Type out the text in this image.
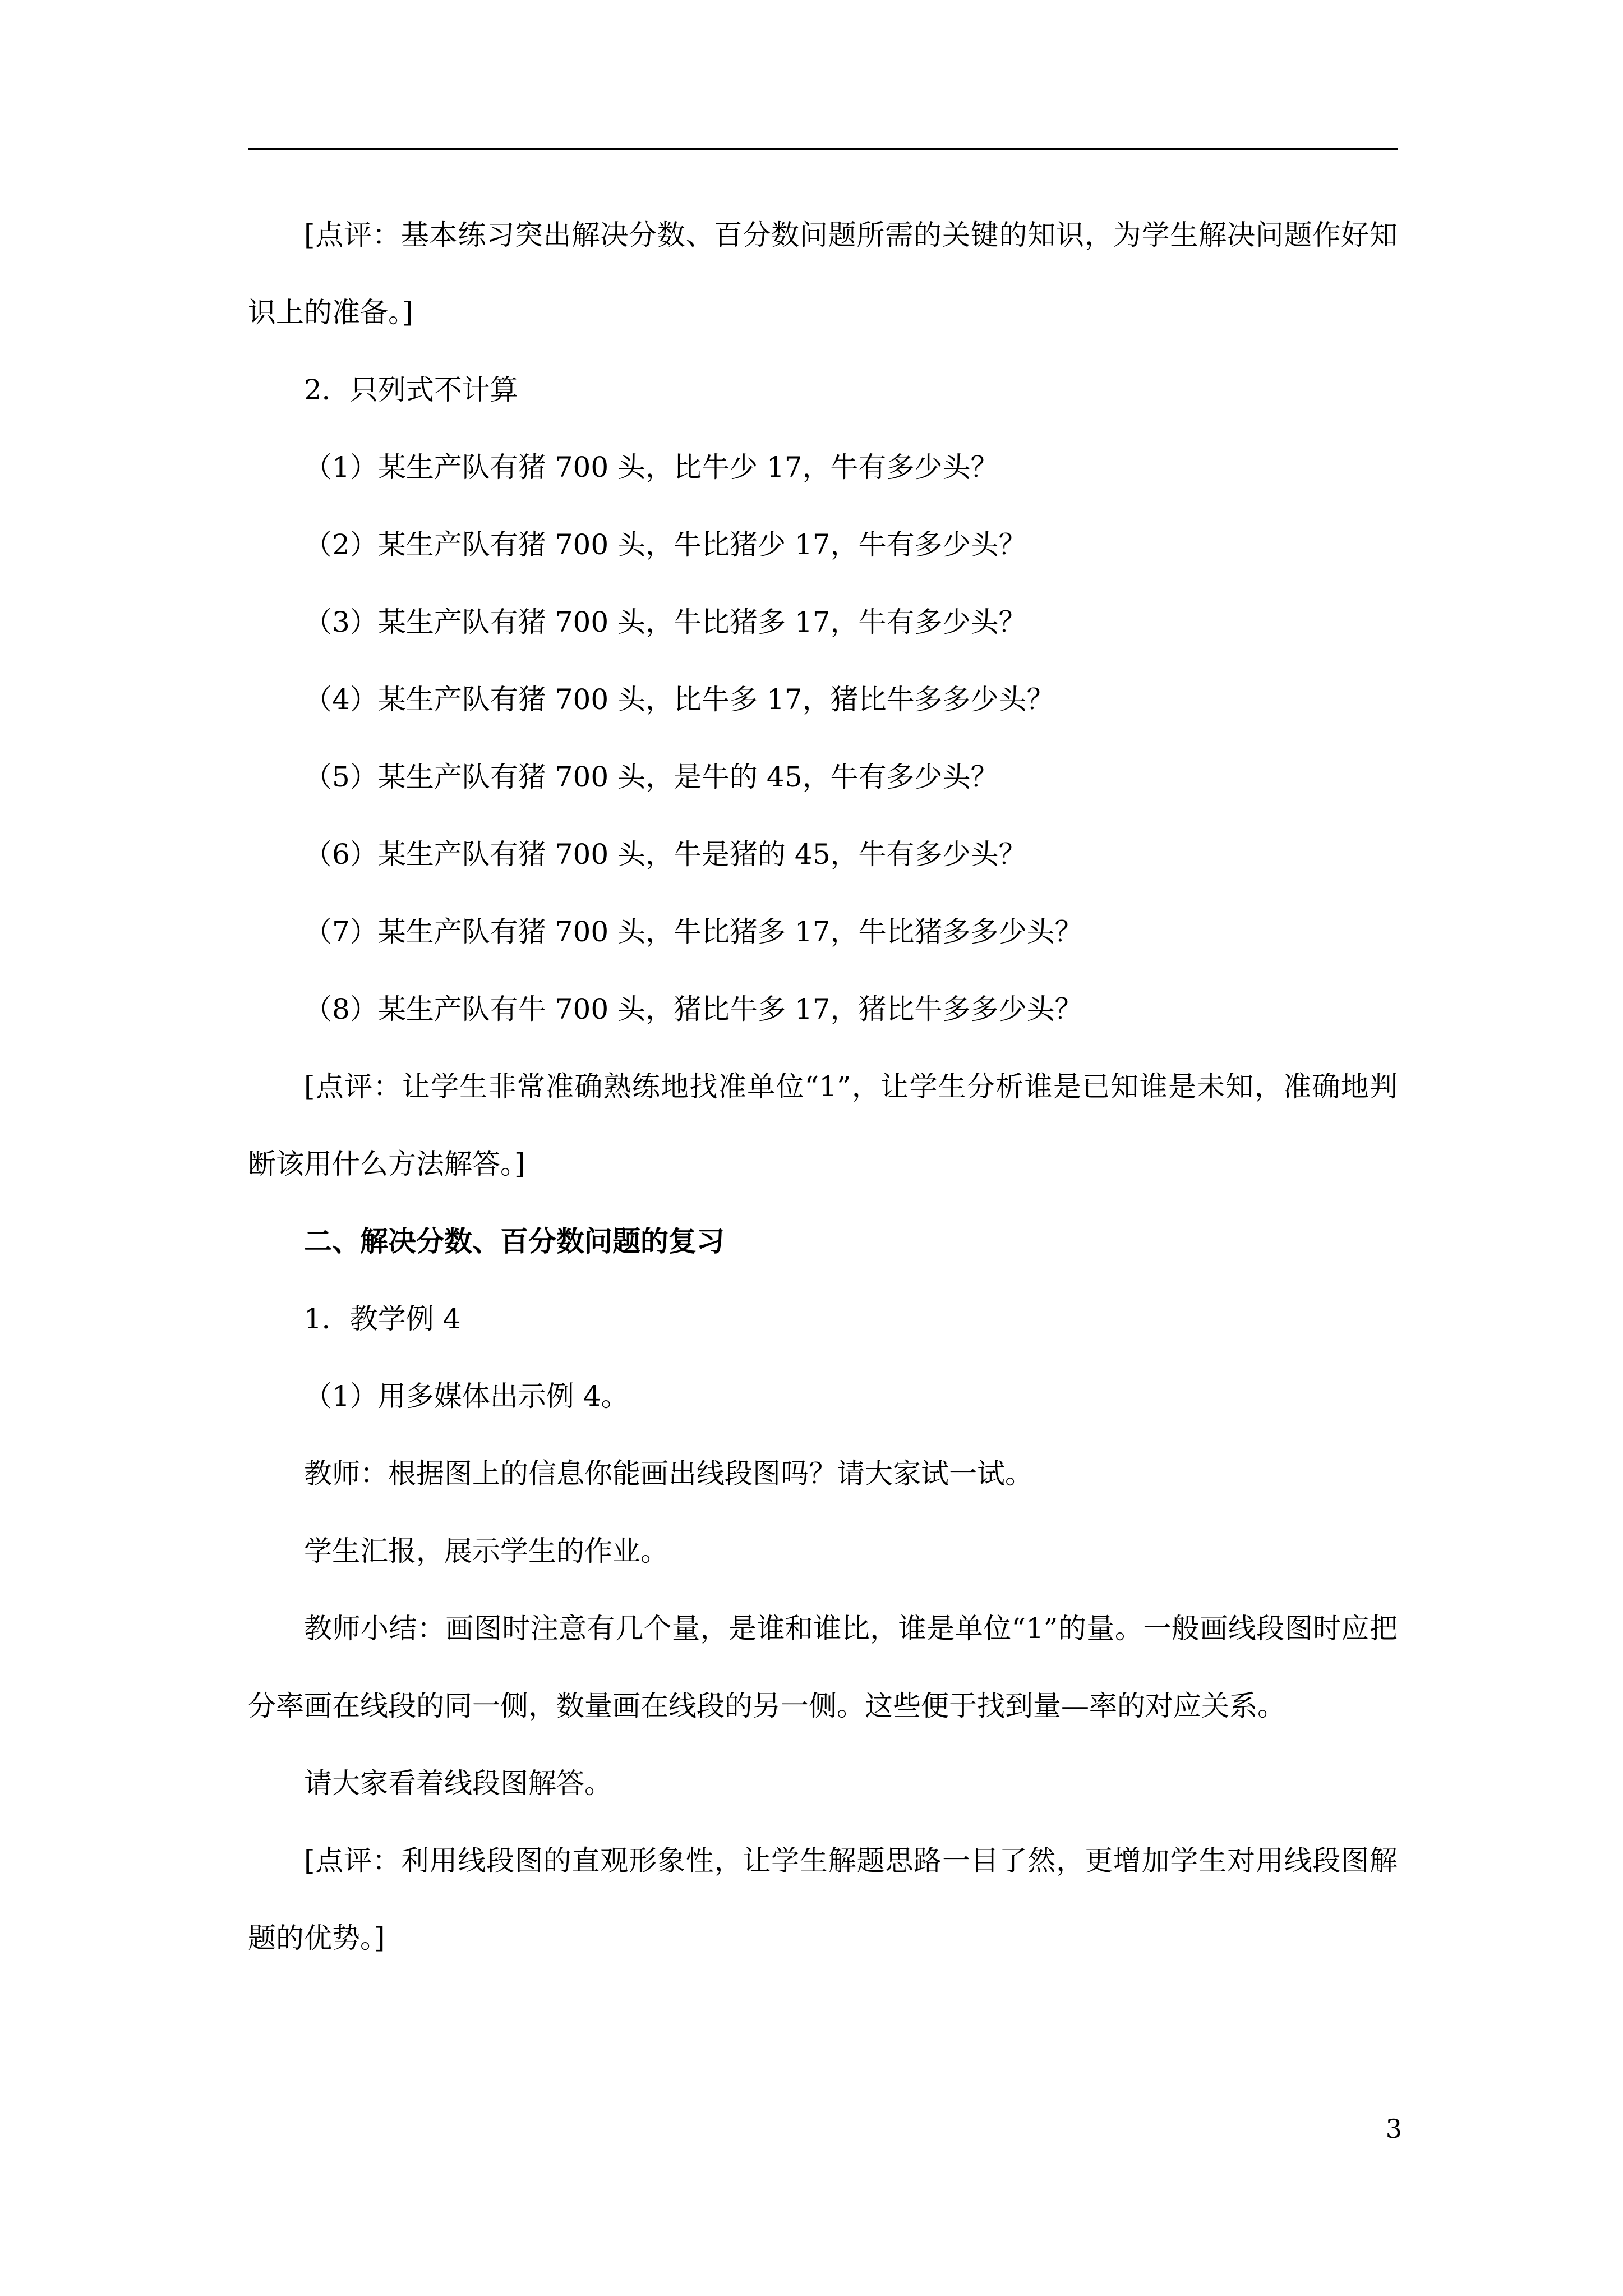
[点评：基本练习突出解决分数、百分数问题所需的关键的知识，为学生解决问题作好知识上的准备。]

2．只列式不计算

（1）某生产队有猪 700 头，比牛少 17，牛有多少头？

（2）某生产队有猪 700 头，牛比猪少 17，牛有多少头？

（3）某生产队有猪 700 头，牛比猪多 17，牛有多少头？

（4）某生产队有猪 700 头，比牛多 17，猪比牛多多少头？

（5）某生产队有猪 700 头，是牛的 45，牛有多少头？

（6）某生产队有猪 700 头，牛是猪的 45，牛有多少头？

（7）某生产队有猪 700 头，牛比猪多 17，牛比猪多多少头？

（8）某生产队有牛 700 头，猪比牛多 17，猪比牛多多少头？

[点评：让学生非常准确熟练地找准单位“1”，让学生分析谁是已知谁是未知，准确地判断该用什么方法解答。]

二、解决分数、百分数问题的复习

1．教学例 4

（1）用多媒体出示例 4。

教师：根据图上的信息你能画出线段图吗？请大家试一试。

学生汇报，展示学生的作业。

教师小结：画图时注意有几个量，是谁和谁比，谁是单位“1”的量。一般画线段图时应把分率画在线段的同一侧，数量画在线段的另一侧。这些便于找到量—率的对应关系。

请大家看着线段图解答。

[点评：利用线段图的直观形象性，让学生解题思路一目了然，更增加学生对用线段图解题的优势。]

3
